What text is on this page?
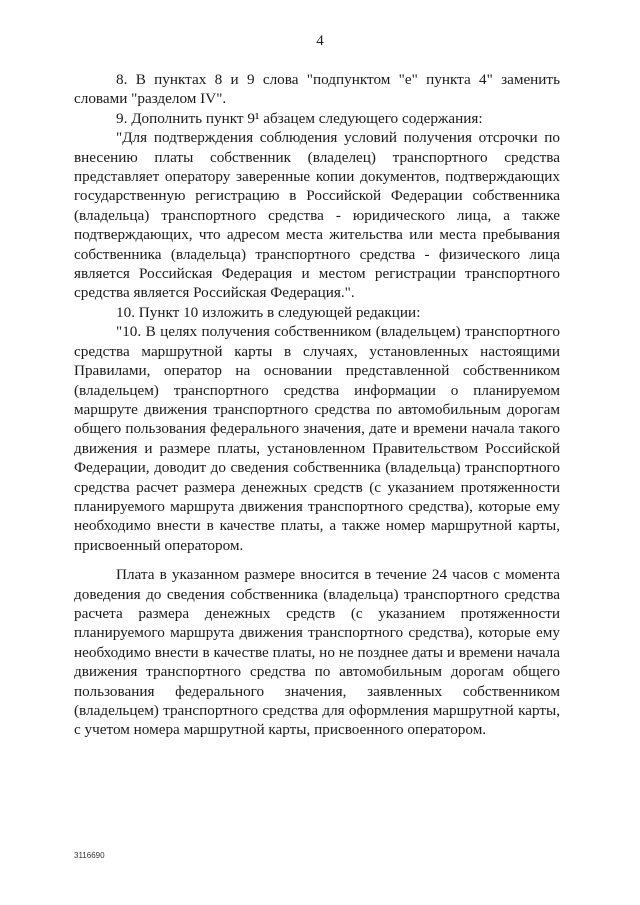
4

8. В пунктах 8 и 9 слова "подпунктом "е" пункта 4" заменить словами "разделом IV".

9. Дополнить пункт 9¹ абзацем следующего содержания:

"Для подтверждения соблюдения условий получения отсрочки по внесению платы собственник (владелец) транспортного средства представляет оператору заверенные копии документов, подтверждающих государственную регистрацию в Российской Федерации собственника (владельца) транспортного средства - юридического лица, а также подтверждающих, что адресом места жительства или места пребывания собственника (владельца) транспортного средства - физического лица является Российская Федерация и местом регистрации транспортного средства является Российская Федерация.".

10. Пункт 10 изложить в следующей редакции:

"10. В целях получения собственником (владельцем) транспортного средства маршрутной карты в случаях, установленных настоящими Правилами, оператор на основании представленной собственником (владельцем) транспортного средства информации о планируемом маршруте движения транспортного средства по автомобильным дорогам общего пользования федерального значения, дате и времени начала такого движения и размере платы, установленном Правительством Российской Федерации, доводит до сведения собственника (владельца) транспортного средства расчет размера денежных средств (с указанием протяженности планируемого маршрута движения транспортного средства), которые ему необходимо внести в качестве платы, а также номер маршрутной карты, присвоенный оператором.

Плата в указанном размере вносится в течение 24 часов с момента доведения до сведения собственника (владельца) транспортного средства расчета размера денежных средств (с указанием протяженности планируемого маршрута движения транспортного средства), которые ему необходимо внести в качестве платы, но не позднее даты и времени начала движения транспортного средства по автомобильным дорогам общего пользования федерального значения, заявленных собственником (владельцем) транспортного средства для оформления маршрутной карты, с учетом номера маршрутной карты, присвоенного оператором.

3116690
